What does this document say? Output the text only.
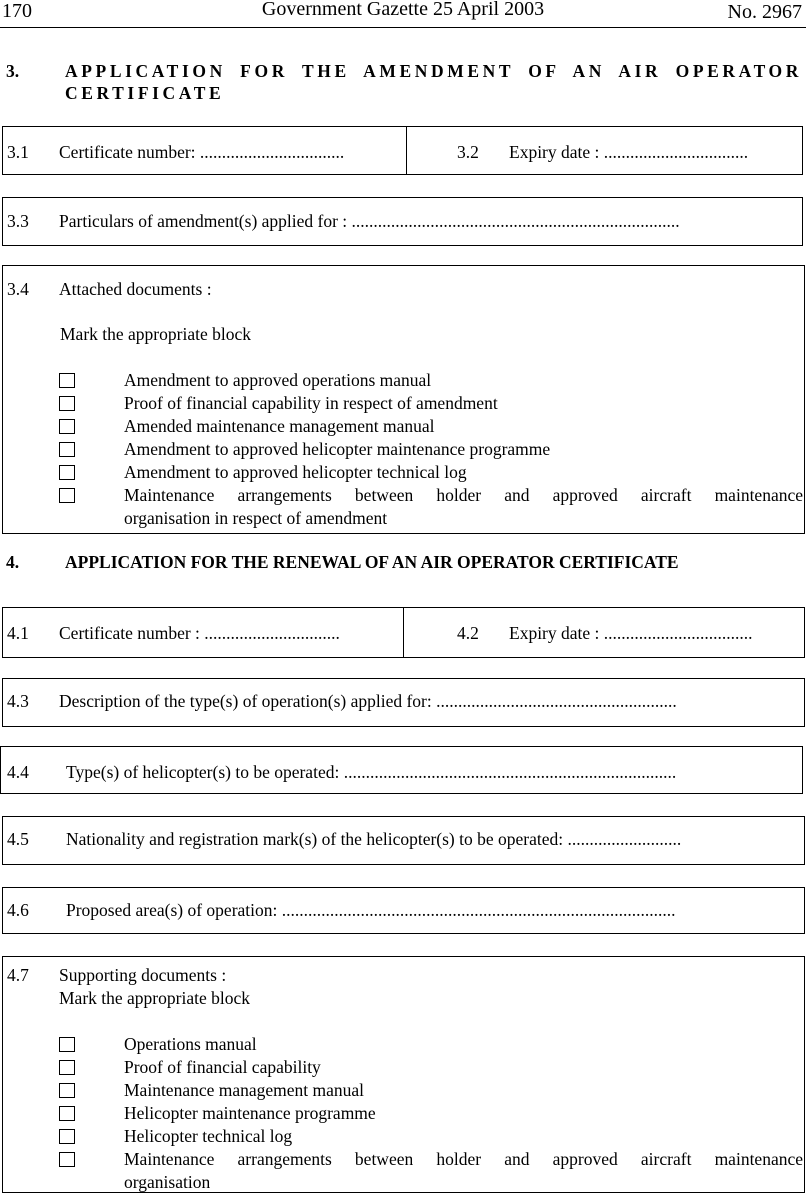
170	Government Gazette 25 April 2003	No. 2967
3.	APPLICATION FOR THE AMENDMENT OF AN AIR OPERATOR
CERTIFICATE
3.1 Certificate number: .................................	3.2 Expiry date : .................................
3.3 Particulars of amendment(s) applied for : ...........................................................................
3.4 Attached documents :
Mark the appropriate block
Amendment to approved operations manual
Proof of financial capability in respect of amendment
Amended maintenance management manual
Amendment to approved helicopter maintenance programme
Amendment to approved helicopter technical log
Maintenance arrangements between holder and approved aircraft maintenance
organisation in respect of amendment
4.	APPLICATION FOR THE RENEWAL OF AN AIR OPERATOR CERTIFICATE
4.1 Certificate number : ...............................	4.2 Expiry date : ..................................
4.3 Description of the type(s) of operation(s) applied for: .......................................................
4.4 Type(s) of helicopter(s) to be operated: ............................................................................
4.5 Nationality and registration mark(s) of the helicopter(s) to be operated: ..........................
4.6 Proposed area(s) of operation: ..........................................................................................
4.7 Supporting documents :
Mark the appropriate block
Operations manual
Proof of financial capability
Maintenance management manual
Helicopter maintenance programme
Helicopter technical log
Maintenance arrangements between holder and approved aircraft maintenance
organisation
